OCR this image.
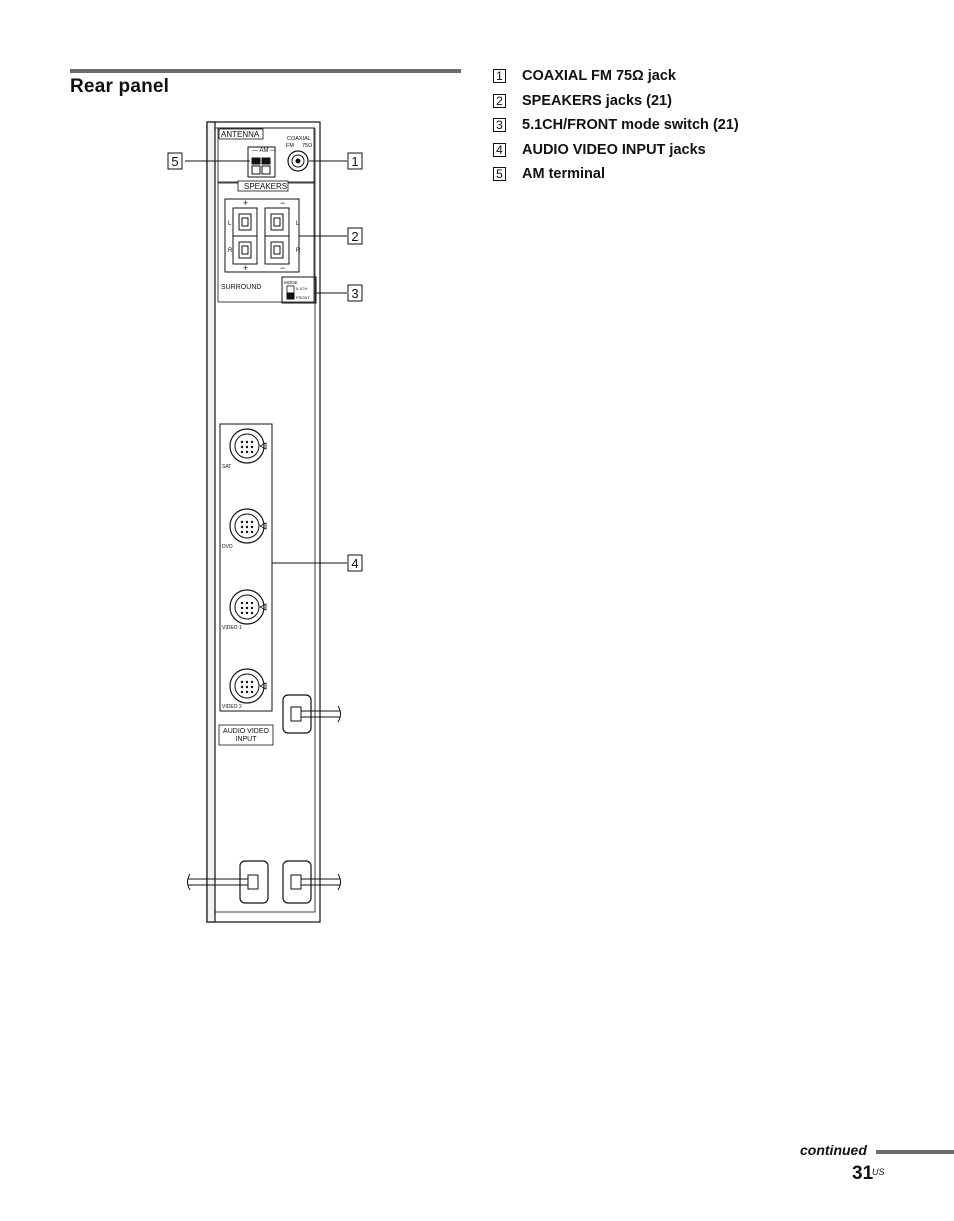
Rear panel	1 COAXIAL FM 75Ω jack
2 SPEAKERS jacks (21)
3 5.1CH/FRONT mode switch (21)
4 AUDIO VIDEO INPUT jacks
5 AM terminal
ANTENNA
— AM —
COAXIAL
FM 75Ω
SPEAKERS
+	−
+	−
L
R
L
R
SURROUND
MODE
5.1CH
FRONT
SAT
DVD
VIDEO 1
VIDEO 2
AUDIO VIDEO
INPUT
5	1
2
3
4
continued
31
US
